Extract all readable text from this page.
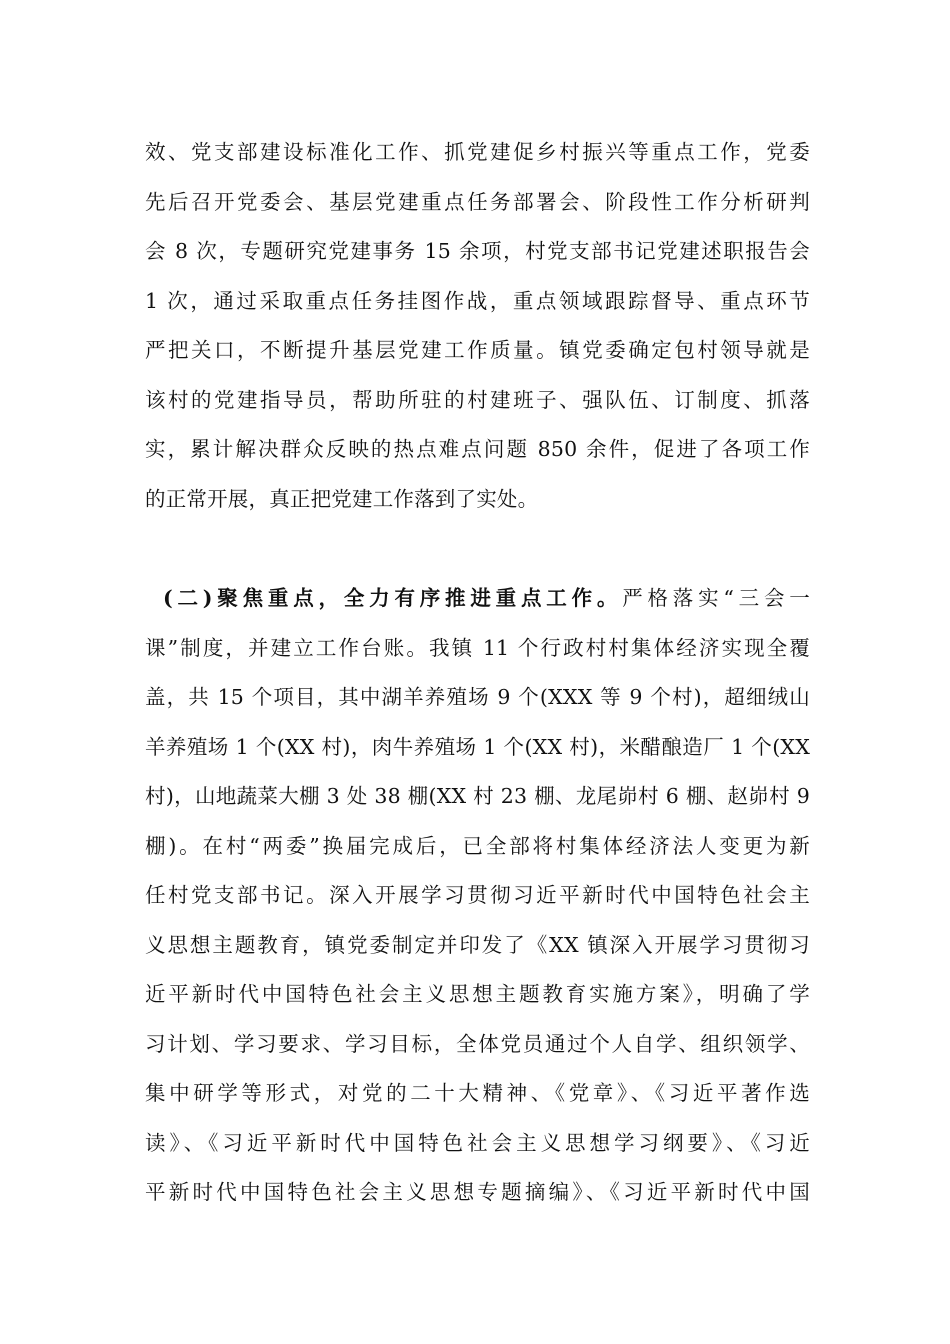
效、党支部建设标准化工作、抓党建促乡村振兴等重点工作，党委
先后召开党委会、基层党建重点任务部署会、阶段性工作分析研判
会 8 次，专题研究党建事务 15 余项，村党支部书记党建述职报告会
1 次，通过采取重点任务挂图作战，重点领域跟踪督导、重点环节
严把关口，不断提升基层党建工作质量。镇党委确定包村领导就是
该村的党建指导员，帮助所驻的村建班子、强队伍、订制度、抓落
实，累计解决群众反映的热点难点问题 850 余件，促进了各项工作
的正常开展，真正把党建工作落到了实处。
(二)聚焦重点，全力有序推进重点工作。严格落实“三会一
课”制度，并建立工作台账。我镇 11 个行政村村集体经济实现全覆
盖，共 15 个项目，其中湖羊养殖场 9 个(XXX 等 9 个村)，超细绒山
羊养殖场 1 个(XX 村)，肉牛养殖场 1 个(XX 村)，米醋酿造厂 1 个(XX
村)，山地蔬菜大棚 3 处 38 棚(XX 村 23 棚、龙尾峁村 6 棚、赵峁村 9
棚)。在村“两委”换届完成后，已全部将村集体经济法人变更为新
任村党支部书记。深入开展学习贯彻习近平新时代中国特色社会主
义思想主题教育，镇党委制定并印发了《XX 镇深入开展学习贯彻习
近平新时代中国特色社会主义思想主题教育实施方案》，明确了学
习计划、学习要求、学习目标，全体党员通过个人自学、组织领学、
集中研学等形式，对党的二十大精神、《党章》、《习近平著作选
读》、《习近平新时代中国特色社会主义思想学习纲要》、《习近
平新时代中国特色社会主义思想专题摘编》、《习近平新时代中国
